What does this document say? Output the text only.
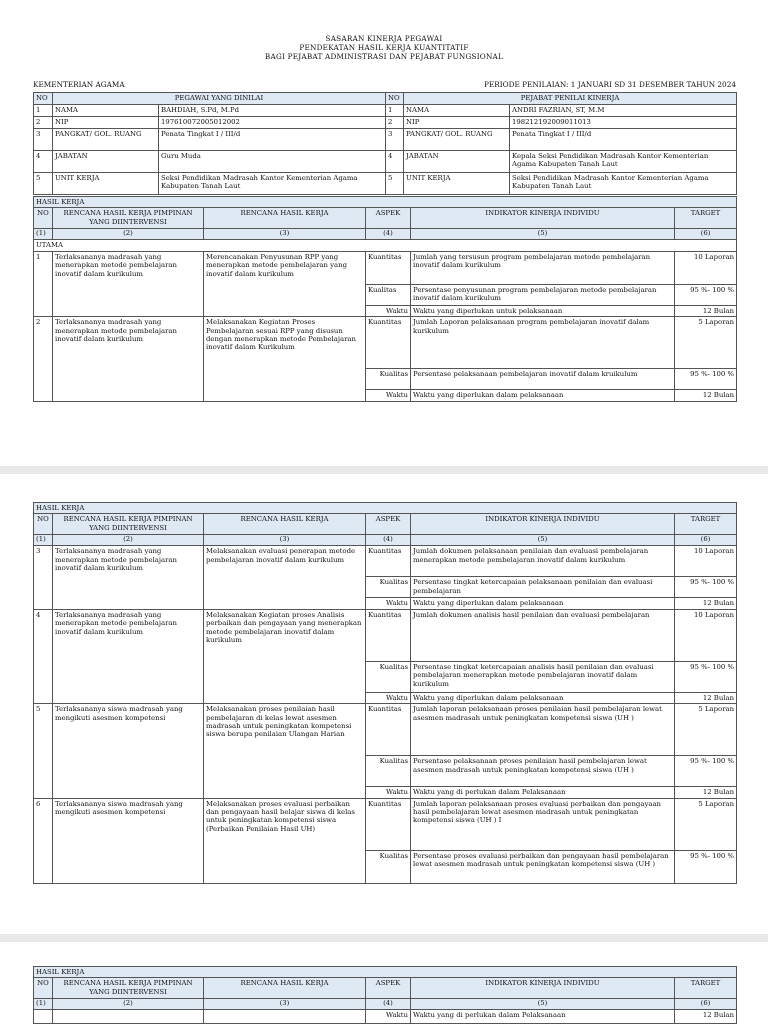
SASARAN KINERJA PEGAWAI
PENDEKATAN HASIL KERJA KUANTITATIF
BAGI PEJABAT ADMINISTRASI DAN PEJABAT FUNGSIONAL
KEMENTERIAN AGAMA	PERIODE PENILAIAN: 1 JANUARI SD 31 DESEMBER TAHUN 2024
NO	PEGAWAI YANG DINILAI		NO	PEJABAT PENILAI KINERJA	
1	NAMA	BAHDIAH, S.Pd, M.Pd	1	NAMA	ANDRI FAZRIAN, ST, M.M
2	NIP	197610072005012002	2	NIP	198212192009011013
3	PANGKAT/ GOL. RUANG	Penata Tingkat I / III/d	3	PANGKAT/ GOL. RUANG	Penata Tingkat I / III/d
4	JABATAN	Guru Muda	4	JABATAN	Kepala Seksi Pendidikan Madrasah Kantor Kementerian Agama Kabupaten Tanah Laut
5	UNIT KERJA	Seksi Pendidikan Madrasah Kantor Kementerian Agama Kabupaten Tanah Laut	5	UNIT KERJA	Seksi Pendidikan Madrasah Kantor Kementerian Agama Kabupaten Tanah Laut
HASIL KERJA					
NO	RENCANA HASIL KERJA PIMPINAN YANG DIINTERVENSI	RENCANA HASIL KERJA	ASPEK	INDIKATOR KINERJA INDIVIDU	TARGET
(1)	(2)	(3)	(4)	(5)	(6)
UTAMA					
1	Terlaksananya madrasah yang menerapkan metode pembelajaran inovatif dalam kurikulum	Merencanakan Penyusunan RPP yang menerapkan metode pembelajaran yang inovatif dalam kurikulum	Kuantitas	Jumlah yang tersusun program pembelajaran metode pembelajaran inovatif dalam kurikulum	10 Laporan
			Kualitas	Persentase penyusunan program pembelajaran metode pembelajaran inovatif dalam kurikulum	95 %- 100 %
			Waktu	Waktu yang diperlukan untuk pelaksanaan	12 Bulan
2	Terlaksananya madrasah yang menerapkan metode pembelajaran inovatif dalam kurikulum	Melaksanakan Kegiatan Proses Pembelajaran sesuai RPP yang disusun dengan menerapkan metode Pembelajaran inovatif dalam Kurikulum	Kuantitas	Jumlah Laporan pelaksanaan program pembelajaran inovatif dalam kurikulum	5 Laporan
			Kualitas	Persentase pelaksanaan pembelajaran inovatif dalam kruikulum	95 %- 100 %
			Waktu	Waktu yang diperlukan dalam pelaksanaan	12 Bulan
HASIL KERJA					
NO	RENCANA HASIL KERJA PIMPINAN YANG DIINTERVENSI	RENCANA HASIL KERJA	ASPEK	INDIKATOR KINERJA INDIVIDU	TARGET
(1)	(2)	(3)	(4)	(5)	(6)
3	Terlaksananya madrasah yang menerapkan metode pembelajaran inovatif dalam kurikulum	Melaksanakan evaluasi penerapan metode pembelajaran inovatif dalam kurikulum	Kuantitas	Jumlah dokumen pelaksanaan penilaian dan evaluasi pembelajaran menerapkan metode pembelajaran inovatif dalam kurikulum	10 Laporan
			Kualitas	Persentase tingkat ketercapaian pelaksanaan penilaian dan evaluasi pembelajaran	95 %- 100 %
			Waktu	Waktu yang diperlukan dalam pelaksanaan	12 Bulan
4	Terlaksananya madrasah yang menerapkan metode pembelajaran inovatif dalam kurikulum	Melaksanakan Kegiatan proses Analisis perbaikan dan pengayaan yang menerapkan metode pembelajaran inovatif dalam kurikulum	Kuantitas	Jumlah dokumen analisis hasil penilaian dan evaluasi pembelajaran	10 Laporan
			Kualitas	Persentase tingkat ketercapaian analisis hasil penilaian dan evaluasi pembelajaran menerapkan metode pembelajaran inovatif dalam kurikulum	95 %- 100 %
			Waktu	Waktu yang diperlukan dalam pelaksanaan	12 Bulan
5	Terlaksananya siswa madrasah yang mengikuti asesmen kompetensi	Melaksanakan proses penilaian hasil pembelajaran di kelas lewat asesmen madrasah untuk peningkatan kompetensi siswa berupa penilaian Ulangan Harian	Kuantitas	Jumlah laporan pelaksanaan proses penilaian hasil pembelajaran lewat asesmen madrasah untuk peningkatan kompetensi siswa (UH )	5 Laporan
			Kualitas	Persentase pelaksanaan proses penilaian hasil pembelajaran lewat asesmen madrasah untuk peningkatan kompetensi siswa (UH )	95 %- 100 %
			Waktu	Waktu yang di perlukan dalam Pelaksanaan	12 Bulan
6	Terlaksananya siswa madrasah yang mengikuti asesmen kompetensi	Melaksanakan proses evaluasi perbaikan dan pengayaan hasil belajar siswa di kelas untuk peningkatan kompetensi siswa (Perbaikan Penilaian Hasil UH)	Kuantitas	Jumlah laporan pelaksanaan proses evaluasi perbaikan dan pengayaan hasil pembelajaran lewat asesmen madrasah untuk peningkatan kompetensi siswa (UH ) I	5 Laporan
			Kualitas	Persentase proses evaluasi perbaikan dan pengayaan hasil pembelajaran lewat asesmen madrasah untuk peningkatan kompetensi siswa (UH )	95 %- 100 %
HASIL KERJA					
NO	RENCANA HASIL KERJA PIMPINAN YANG DIINTERVENSI	RENCANA HASIL KERJA	ASPEK	INDIKATOR KINERJA INDIVIDU	TARGET
(1)	(2)	(3)	(4)	(5)	(6)
			Waktu	Waktu yang di perlukan dalam Pelaksanaan	12 Bulan
